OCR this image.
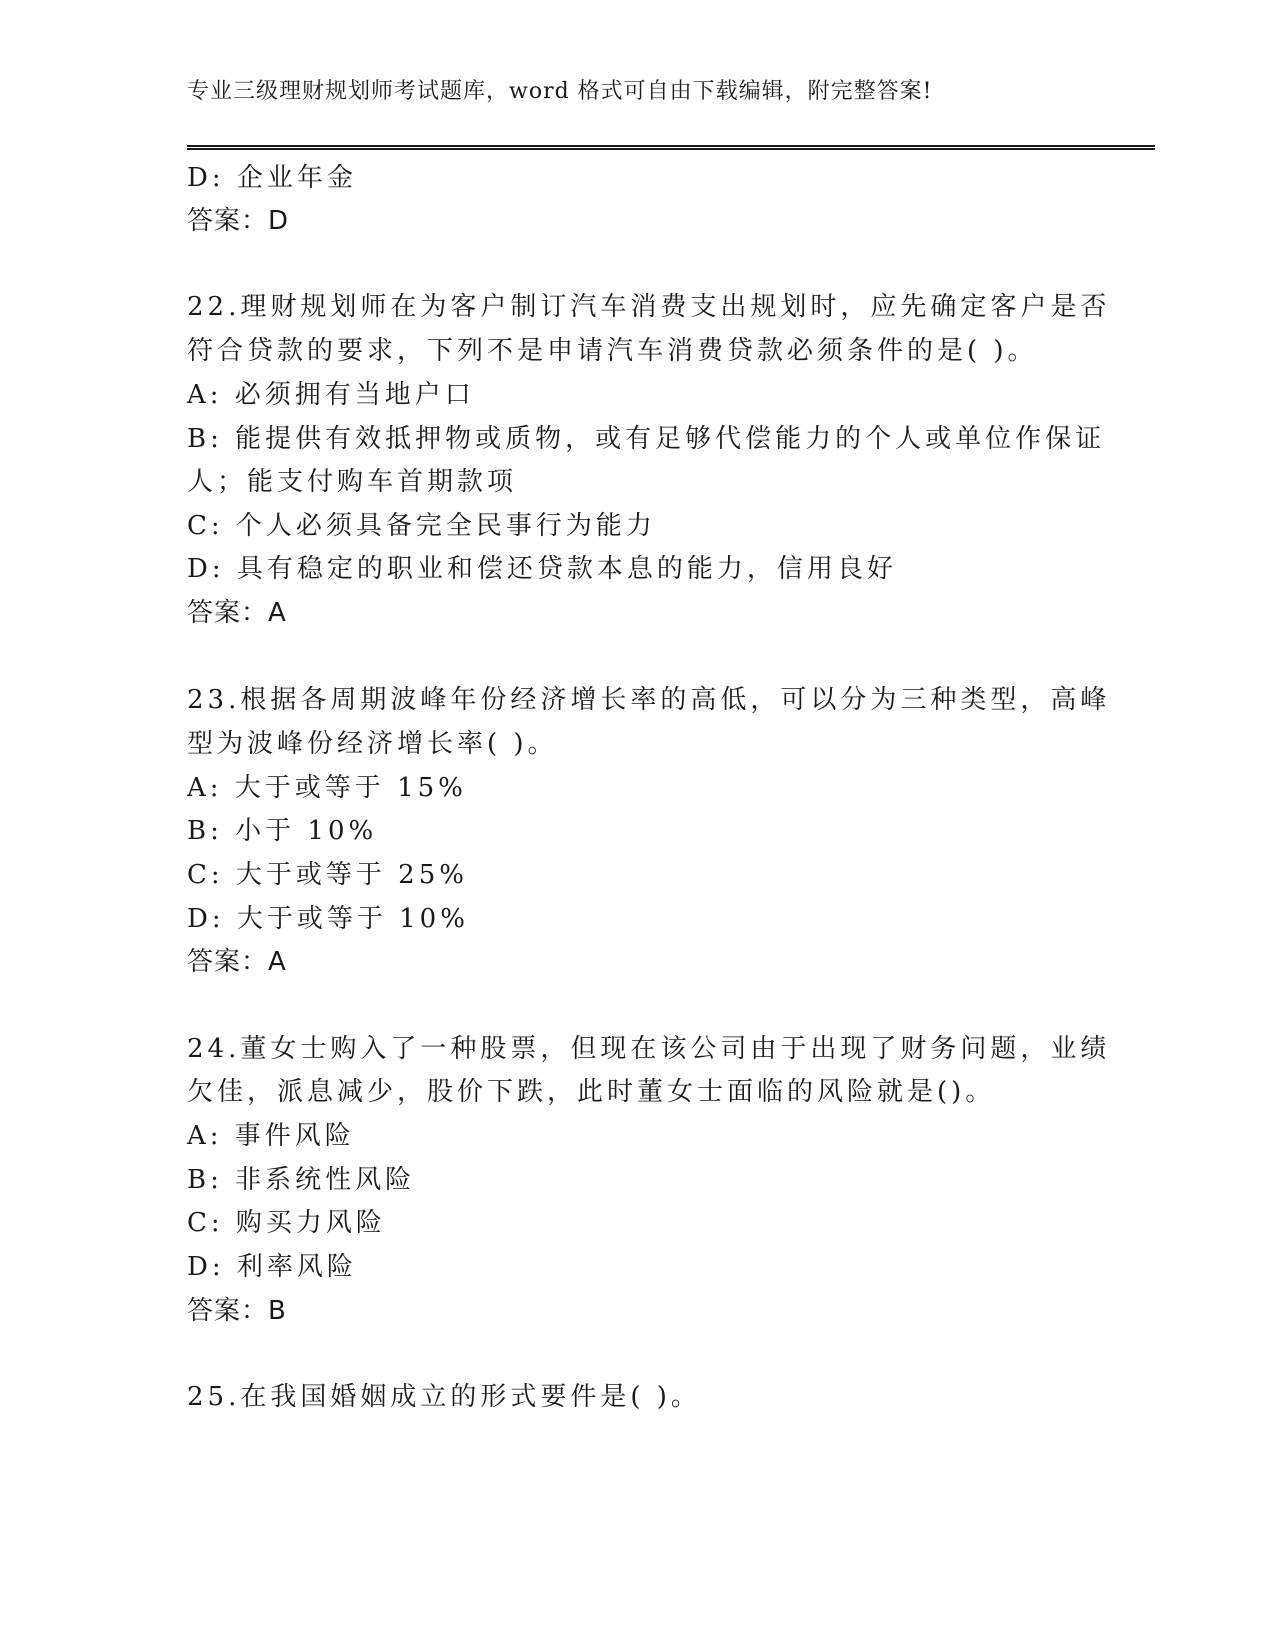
专业三级理财规划师考试题库，word 格式可自由下载编辑，附完整答案!
D: 企业年金
答案：D
22.理财规划师在为客户制订汽车消费支出规划时，应先确定客户是否
符合贷款的要求，下列不是申请汽车消费贷款必须条件的是( )。
A: 必须拥有当地户口
B: 能提供有效抵押物或质物，或有足够代偿能力的个人或单位作保证
人；能支付购车首期款项
C: 个人必须具备完全民事行为能力
D: 具有稳定的职业和偿还贷款本息的能力，信用良好
答案：A
23.根据各周期波峰年份经济增长率的高低，可以分为三种类型，高峰
型为波峰份经济增长率( )。
A: 大于或等于 15%
B: 小于 10%
C: 大于或等于 25%
D: 大于或等于 10%
答案：A
24.董女士购入了一种股票，但现在该公司由于出现了财务问题，业绩
欠佳，派息减少，股价下跌，此时董女士面临的风险就是()。
A: 事件风险
B: 非系统性风险
C: 购买力风险
D: 利率风险
答案：B
25.在我国婚姻成立的形式要件是( )。
